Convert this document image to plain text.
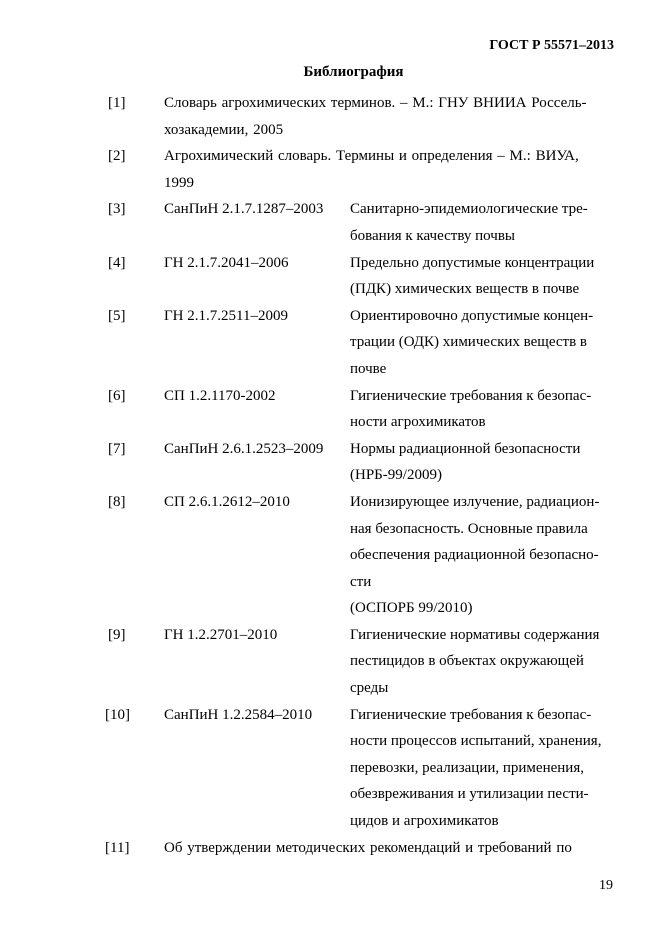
ГОСТ Р 55571–2013

Библиография

[1]	Словарь агрохимических терминов. – М.: ГНУ ВНИИА Россель-
хозакадемии, 2005
[2]	Агрохимический словарь. Термины и определения – М.: ВИУА,
1999
[3]	СанПиН 2.1.7.1287–2003	Санитарно-эпидемиологические тре-
бования к качеству почвы
[4]	ГН 2.1.7.2041–2006	Предельно допустимые концентрации
(ПДК) химических веществ в почве
[5]	ГН 2.1.7.2511–2009	Ориентировочно допустимые концен-
трации (ОДК) химических веществ в
почве
[6]	СП 1.2.1170-2002	Гигиенические требования к безопас-
ности агрохимикатов
[7]	СанПиН 2.6.1.2523–2009	Нормы радиационной безопасности
(НРБ-99/2009)
[8]	СП 2.6.1.2612–2010	Ионизирующее излучение, радиацион-
ная безопасность. Основные правила
обеспечения радиационной безопасно-
сти
(ОСПОРБ 99/2010)
[9]	ГН 1.2.2701–2010	Гигиенические нормативы содержания
пестицидов в объектах окружающей
среды
[10]	СанПиН 1.2.2584–2010	Гигиенические требования к безопас-
ности процессов испытаний, хранения,
перевозки, реализации, применения,
обезвреживания и утилизации пести-
цидов и агрохимикатов
[11]	Об утверждении методических рекомендаций и требований по

19
